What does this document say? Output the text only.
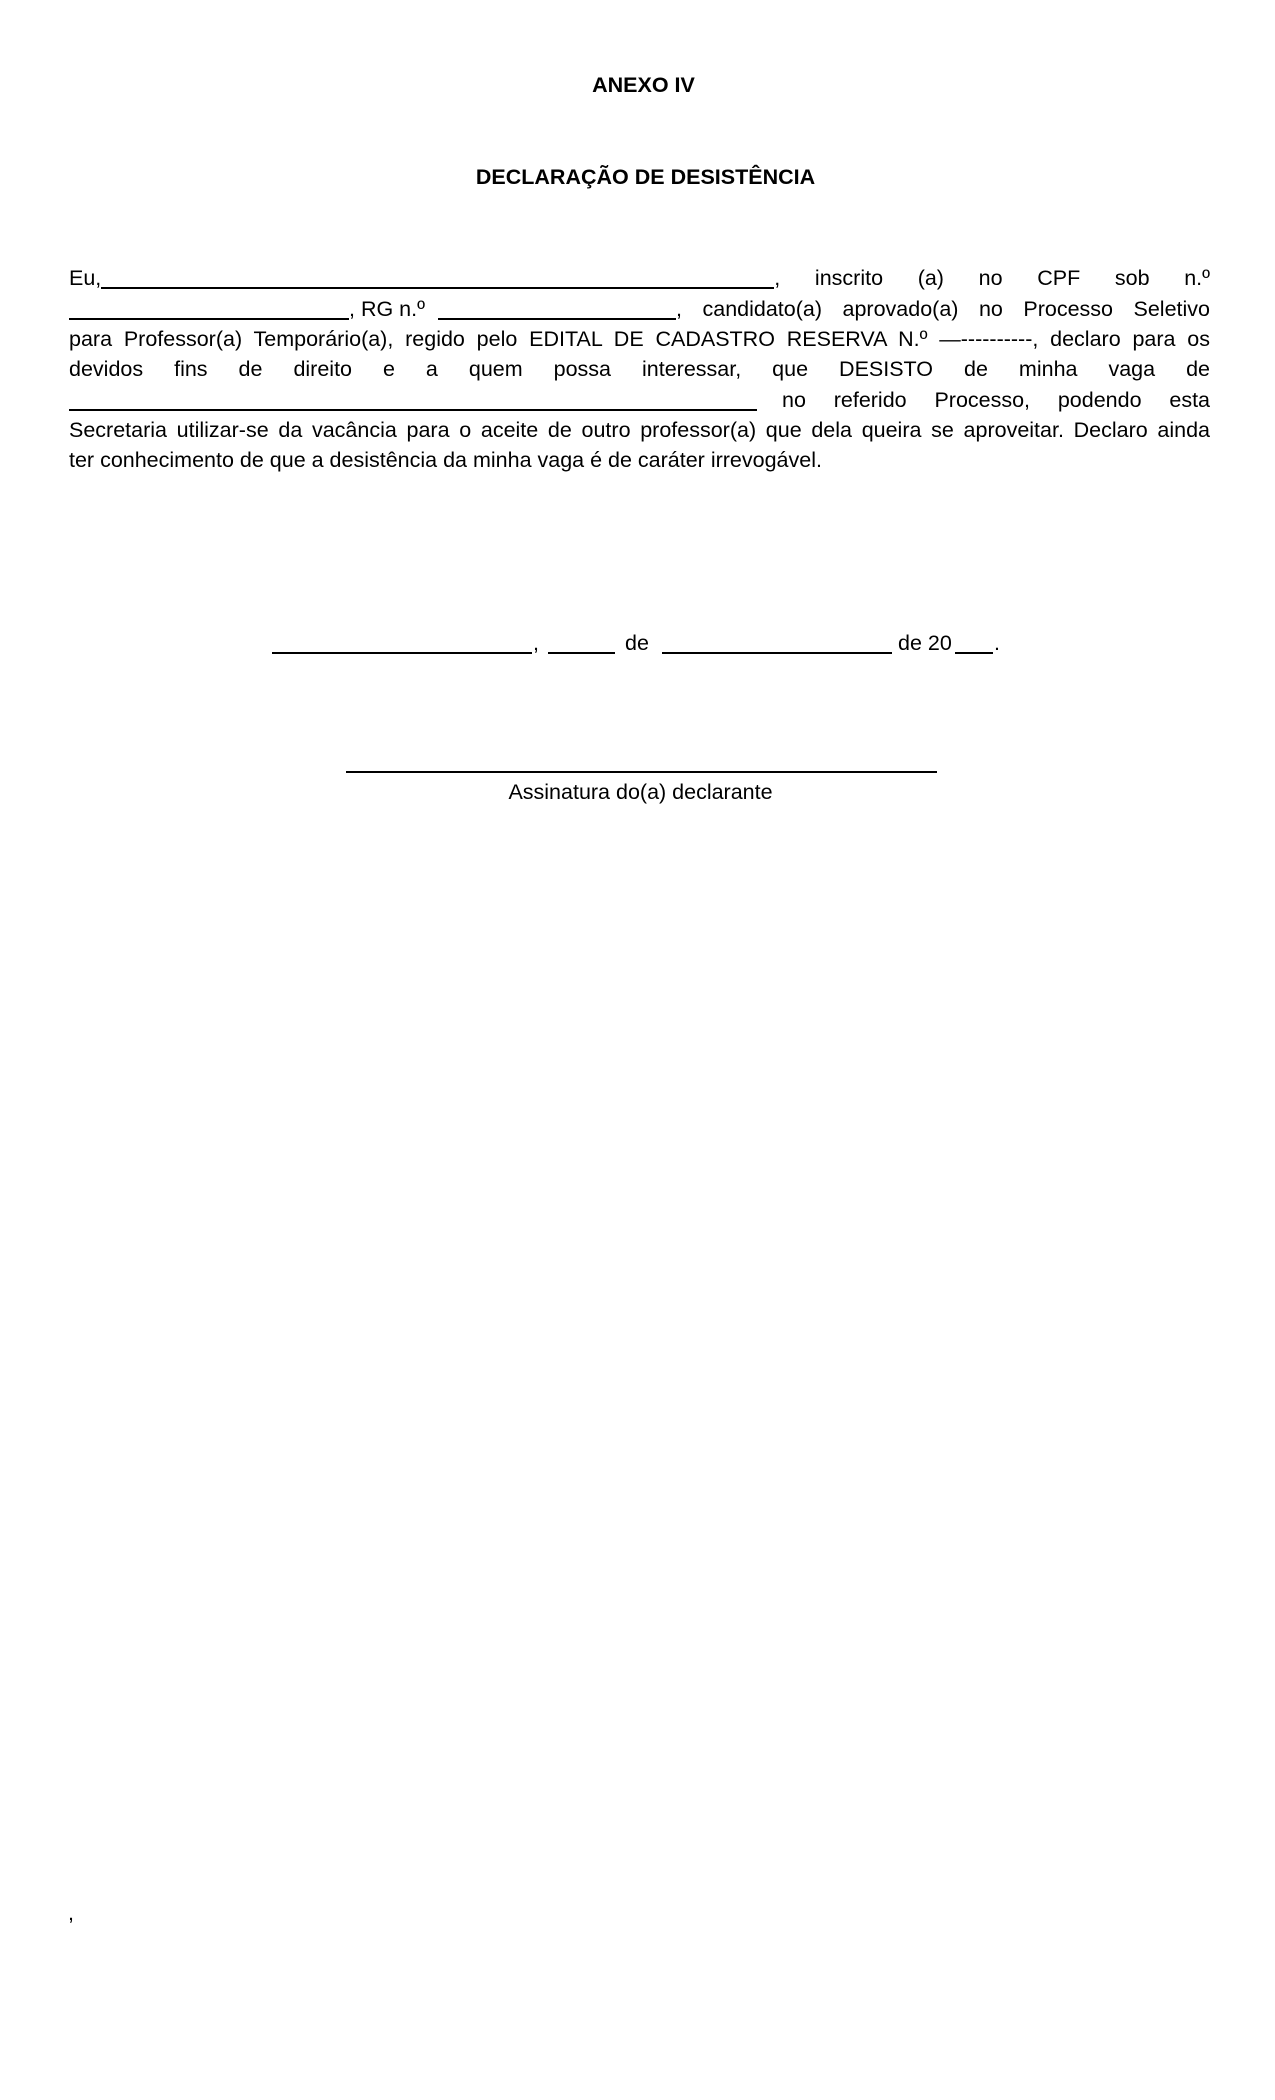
ANEXO IV
DECLARAÇÃO DE DESISTÊNCIA
Eu,	, inscrito (a) no CPF sob n.º
, RG n.º	, candidato(a) aprovado(a) no Processo Seletivo
para Professor(a) Temporário(a), regido pelo EDITAL DE CADASTRO RESERVA N.º —----------, declaro para os
devidos fins de direito e a quem possa interessar, que DESISTO de minha vaga de
no referido Processo, podendo esta
Secretaria utilizar-se da vacância para o aceite de outro professor(a) que dela queira se aproveitar. Declaro ainda
ter conhecimento de que a desistência da minha vaga é de caráter irrevogável.
,	de	de 20 .
Assinatura do(a) declarante
,
